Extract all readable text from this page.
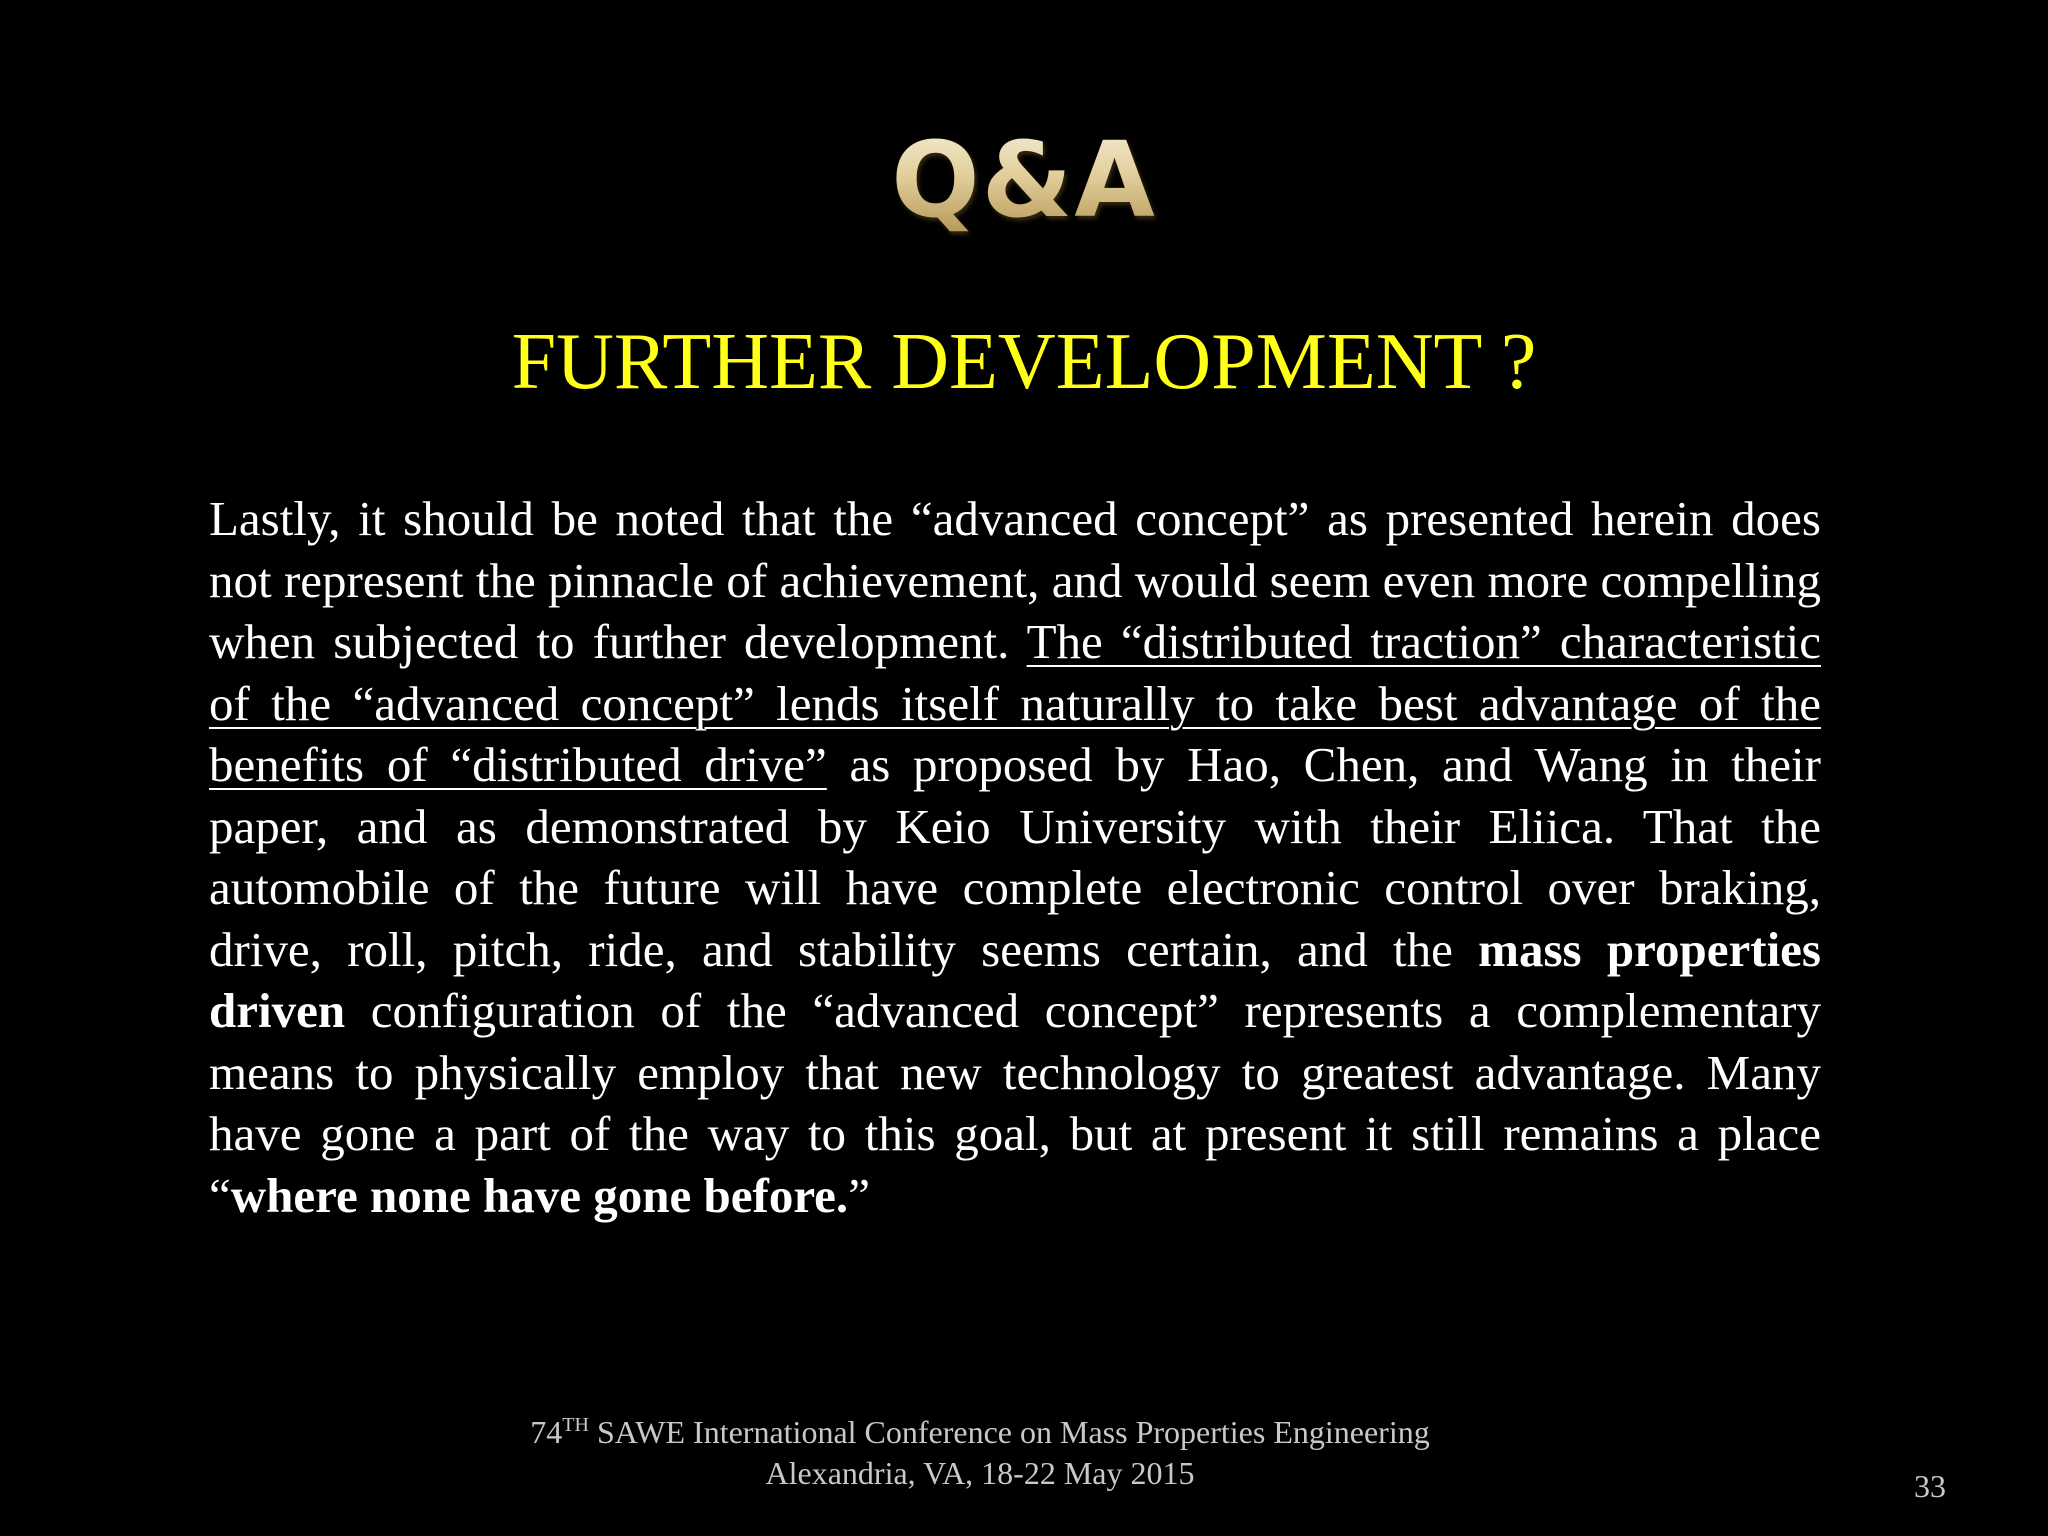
Q&A
FURTHER DEVELOPMENT ?
Lastly, it should be noted that the “advanced concept” as presented herein does not represent the pinnacle of achievement, and would seem even more compelling when subjected to further development. The “distributed traction” characteristic of the “advanced concept” lends itself naturally to take best advantage of the benefits of “distributed drive” as proposed by Hao, Chen, and Wang in their paper, and as demonstrated by Keio University with their Eliica. That the automobile of the future will have complete electronic control over braking, drive, roll, pitch, ride, and stability seems certain, and the mass properties driven configuration of the “advanced concept” represents a complementary means to physically employ that new technology to greatest advantage. Many have gone a part of the way to this goal, but at present it still remains a place “where none have gone before.”
74TH SAWE International Conference on Mass Properties Engineering
Alexandria, VA, 18-22 May 2015	33
